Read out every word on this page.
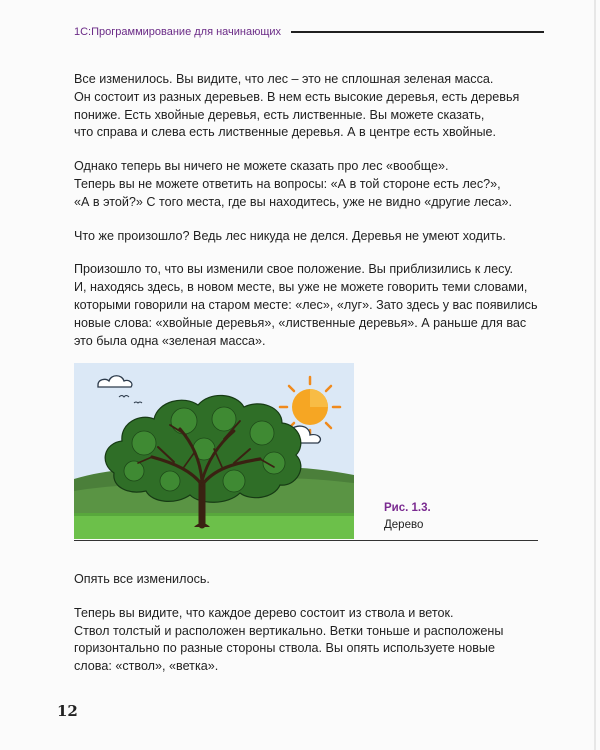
1С:Программирование для начинающих

Все изменилось. Вы видите, что лес – это не сплошная зеленая масса.
Он состоит из разных деревьев. В нем есть высокие деревья, есть деревья
пониже. Есть хвойные деревья, есть лиственные. Вы можете сказать,
что справа и слева есть лиственные деревья. А в центре есть хвойные.

Однако теперь вы ничего не можете сказать про лес «вообще».
Теперь вы не можете ответить на вопросы: «А в той стороне есть лес?»,
«А в этой?» С того места, где вы находитесь, уже не видно «другие леса».

Что же произошло? Ведь лес никуда не делся. Деревья не умеют ходить.

Произошло то, что вы изменили свое положение. Вы приблизились к лесу.
И, находясь здесь, в новом месте, вы уже не можете говорить теми словами,
которыми говорили на старом месте: «лес», «луг». Зато здесь у вас появились
новые слова: «хвойные деревья», «лиственные деревья». А раньше для вас
это была одна «зеленая масса».

Рис. 1.3.
Дерево

Опять все изменилось.

Теперь вы видите, что каждое дерево состоит из ствола и веток.
Ствол толстый и расположен вертикально. Ветки тоньше и расположены
горизонтально по разные стороны ствола. Вы опять используете новые
слова: «ствол», «ветка».

12
